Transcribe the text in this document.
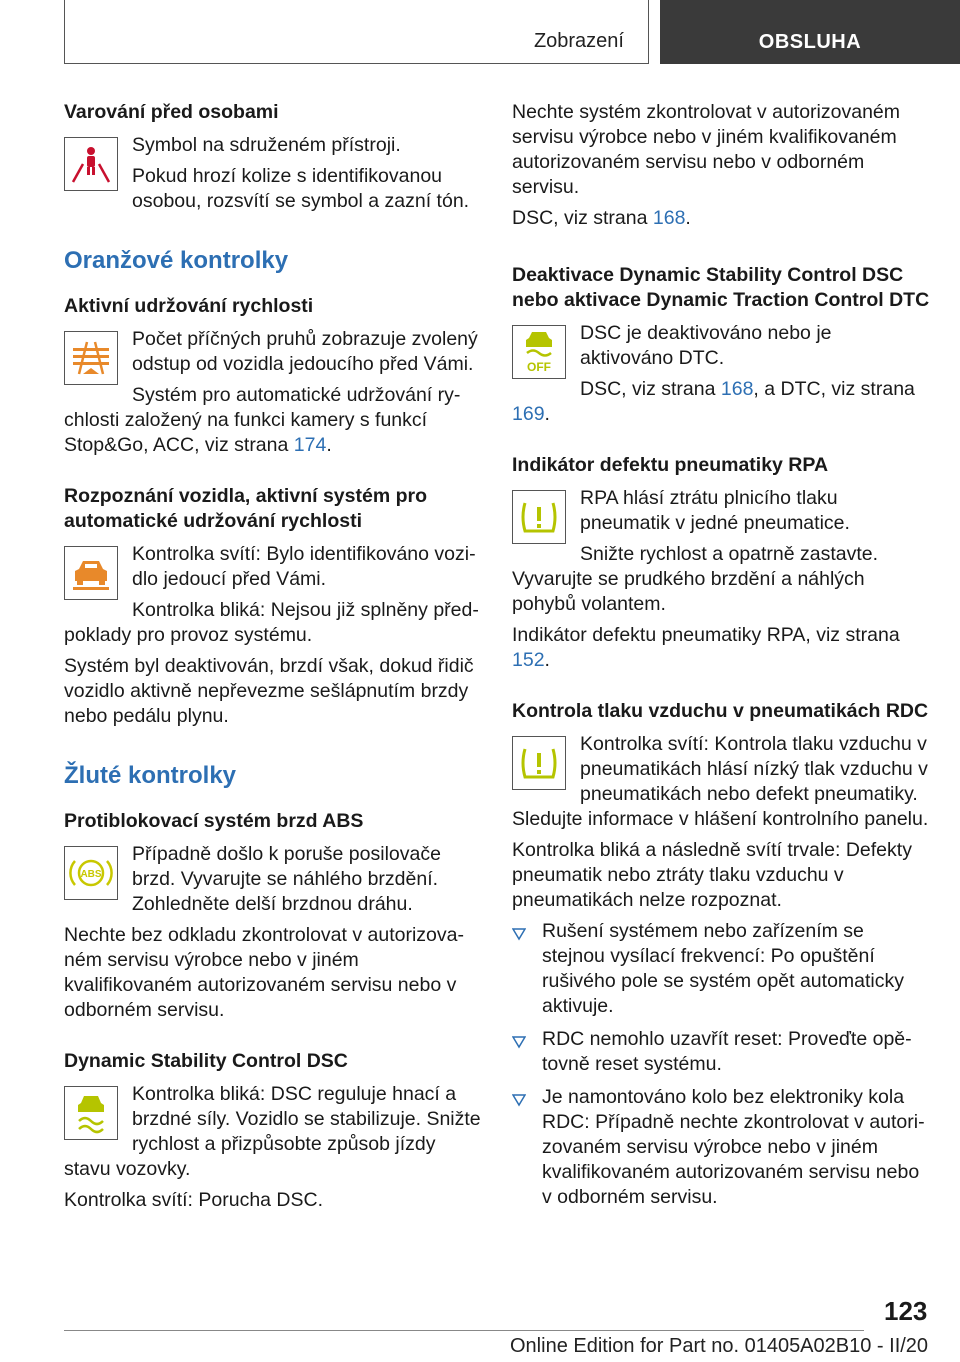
Zobrazení	OBSLUHA
Varování před osobami

Symbol na sdruženém přístroji.

Pokud hrozí kolize s identifikovanou osobou, rozsvítí se symbol a zazní tón.

Oranžové kontrolky
Aktivní udržování rychlosti

Počet příčných pruhů zobrazuje zvolený odstup od vozidla jedoucího před Vámi.

Systém pro automatické udržování rychlosti založený na funkci kamery s funkcí Stop&Go, ACC, viz strana 174.

Rozpoznání vozidla, aktivní systém pro automatické udržování rychlosti

Kontrolka svítí: Bylo identifikováno vozidlo jedoucí před Vámi.

Kontrolka bliká: Nejsou již splněny předpoklady pro provoz systému.

Systém byl deaktivován, brzdí však, dokud řidič vozidlo aktivně nepřevezme sešlápnutím brzdy nebo pedálu plynu.

Žluté kontrolky
Protiblokovací systém brzd ABS
ABS

Případně došlo k poruše posilovače brzd. Vyvarujte se náhlého brzdění. Zohledněte delší brzdnou dráhu.

Nechte bez odkladu zkontrolovat v autorizovaném servisu výrobce nebo v jiném kvalifikovaném autorizovaném servisu nebo v odborném servisu.

Dynamic Stability Control DSC

Kontrolka bliká: DSC reguluje hnací a brzdné síly. Vozidlo se stabilizuje. Snižte rychlost a přizpůsobte způsob jízdy stavu vozovky.

Kontrolka svítí: Porucha DSC.

Nechte systém zkontrolovat v autorizovaném servisu výrobce nebo v jiném kvalifikovaném autorizovaném servisu nebo v odborném servisu.

DSC, viz strana 168.

Deaktivace Dynamic Stability Control DSC nebo aktivace Dynamic Traction Control DTC
OFF

DSC je deaktivováno nebo je aktivováno DTC.

DSC, viz strana 168, a DTC, viz strana 169.

Indikátor defektu pneumatiky RPA

RPA hlásí ztrátu plnicího tlaku pneumatik v jedné pneumatice.

Snižte rychlost a opatrně zastavte. Vyvarujte se prudkého brzdění a náhlých pohybů volantem.

Indikátor defektu pneumatiky RPA, viz strana 152.

Kontrola tlaku vzduchu v pneumatikách RDC

Kontrolka svítí: Kontrola tlaku vzduchu v pneumatikách hlásí nízký tlak vzduchu v pneumatikách nebo defekt pneumatiky. Sledujte informace v hlášení kontrolního panelu.

Kontrolka bliká a následně svítí trvale: Defekty pneumatik nebo ztráty tlaku vzduchu v pneumatikách nelze rozpoznat.

Rušení systémem nebo zařízením se stejnou vysílací frekvencí: Po opuštění rušivého pole se systém opět automaticky aktivuje.
RDC nemohlo uzavřít reset: Proveďte opětovně reset systému.
Je namontováno kolo bez elektroniky kola RDC: Případně nechte zkontrolovat v autorizovaném servisu výrobce nebo v jiném kvalifikovaném autorizovaném servisu nebo v odborném servisu.
123
Online Edition for Part no. 01405A02B10 - II/20
